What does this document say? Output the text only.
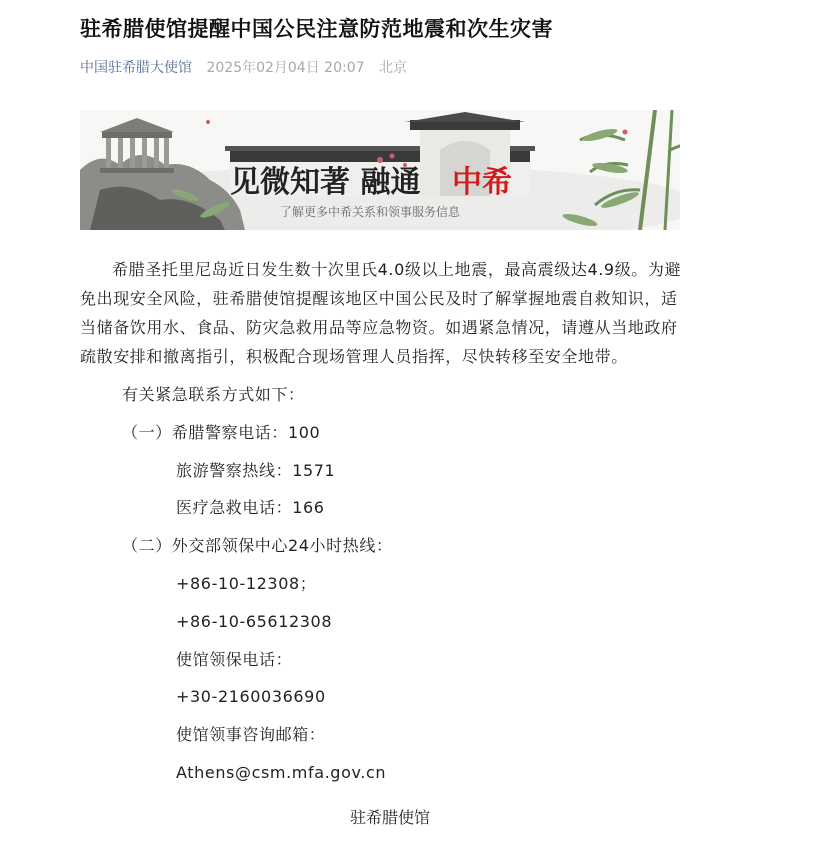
驻希腊使馆提醒中国公民注意防范地震和次生灾害
中国驻希腊大使馆 2025年02月04日 20:07 北京
见微知著 融通 中希
了解更多中希关系和领事服务信息
希腊圣托里尼岛近日发生数十次里氏4.0级以上地震，最高震级达4.9级。为避免出现安全风险，驻希腊使馆提醒该地区中国公民及时了解掌握地震自救知识，适当储备饮用水、食品、防灾急救用品等应急物资。如遇紧急情况，请遵从当地政府疏散安排和撤离指引，积极配合现场管理人员指挥，尽快转移至安全地带。
有关紧急联系方式如下：
（一）希腊警察电话：100
旅游警察热线：1571
医疗急救电话：166
（二）外交部领保中心24小时热线：
+86-10-12308；
+86-10-65612308
使馆领保电话：
+30-2160036690
使馆领事咨询邮箱：
Athens@csm.mfa.gov.cn
驻希腊使馆
